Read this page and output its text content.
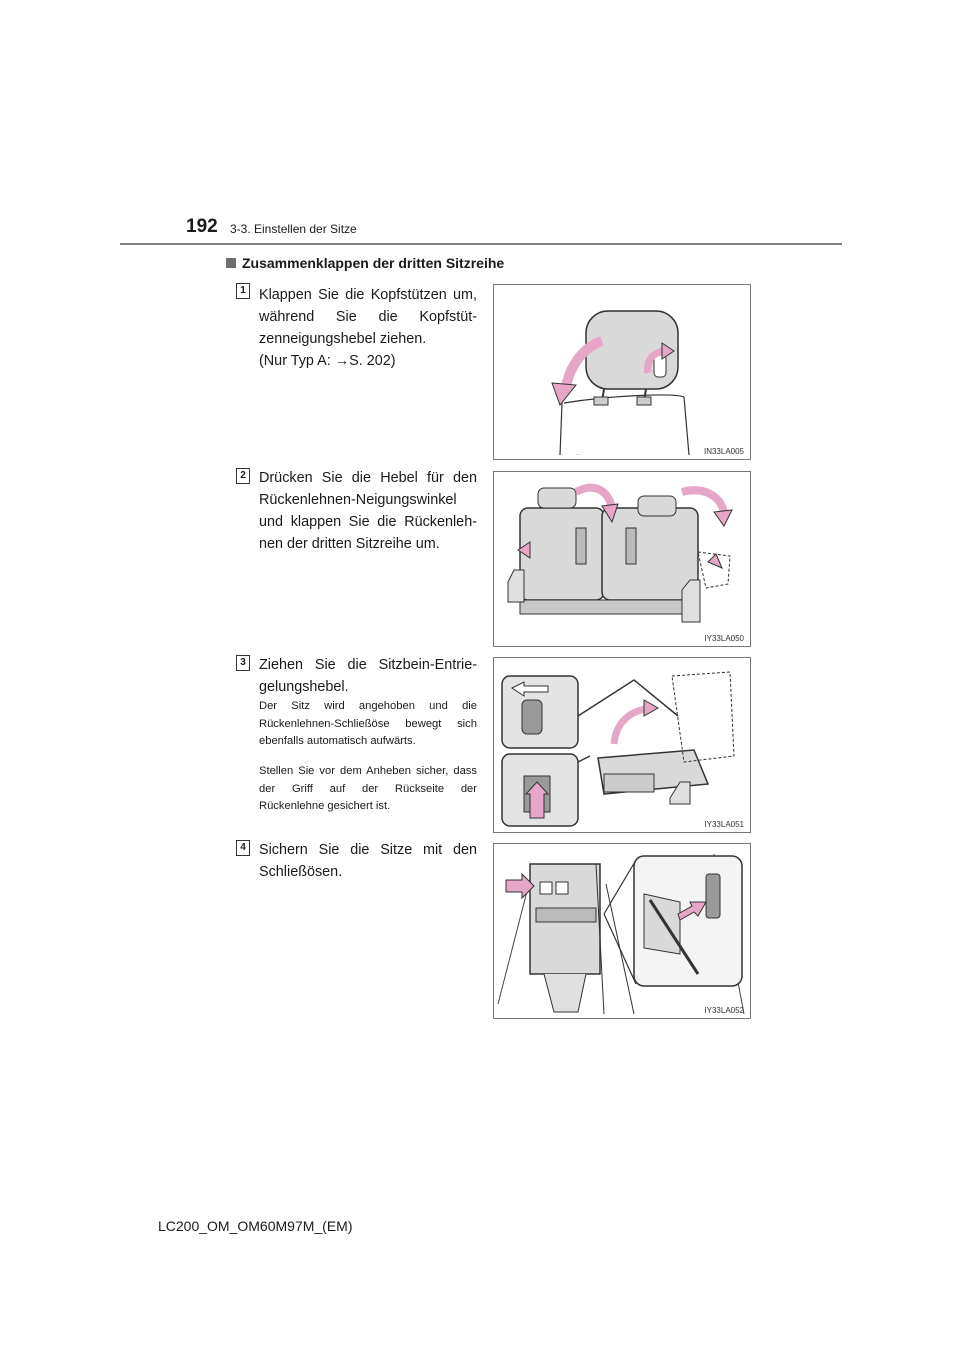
192 3-3. Einstellen der Sitze
Zusammenklappen der dritten Sitzreihe
1 Klappen Sie die Kopfstützen um, während Sie die Kopfstüt-zenneigungshebel ziehen.
(Nur Typ A: →S. 202)
...	IN33LA005
2 Drücken Sie die Hebel für den Rückenlehnen-Neigungswinkel und klappen Sie die Rückenleh-nen der dritten Sitzreihe um.
IY33LA050
3 Ziehen Sie die Sitzbein-Entrie-gelungshebel.
Der Sitz wird angehoben und die Rückenlehnen-Schließöse bewegt sich ebenfalls automatisch aufwärts.
Stellen Sie vor dem Anheben sicher, dass der Griff auf der Rückseite der Rückenlehne gesichert ist.
IY33LA051
4 Sichern Sie die Sitze mit den Schließösen.
IY33LA052
LC200_OM_OM60M97M_(EM)
